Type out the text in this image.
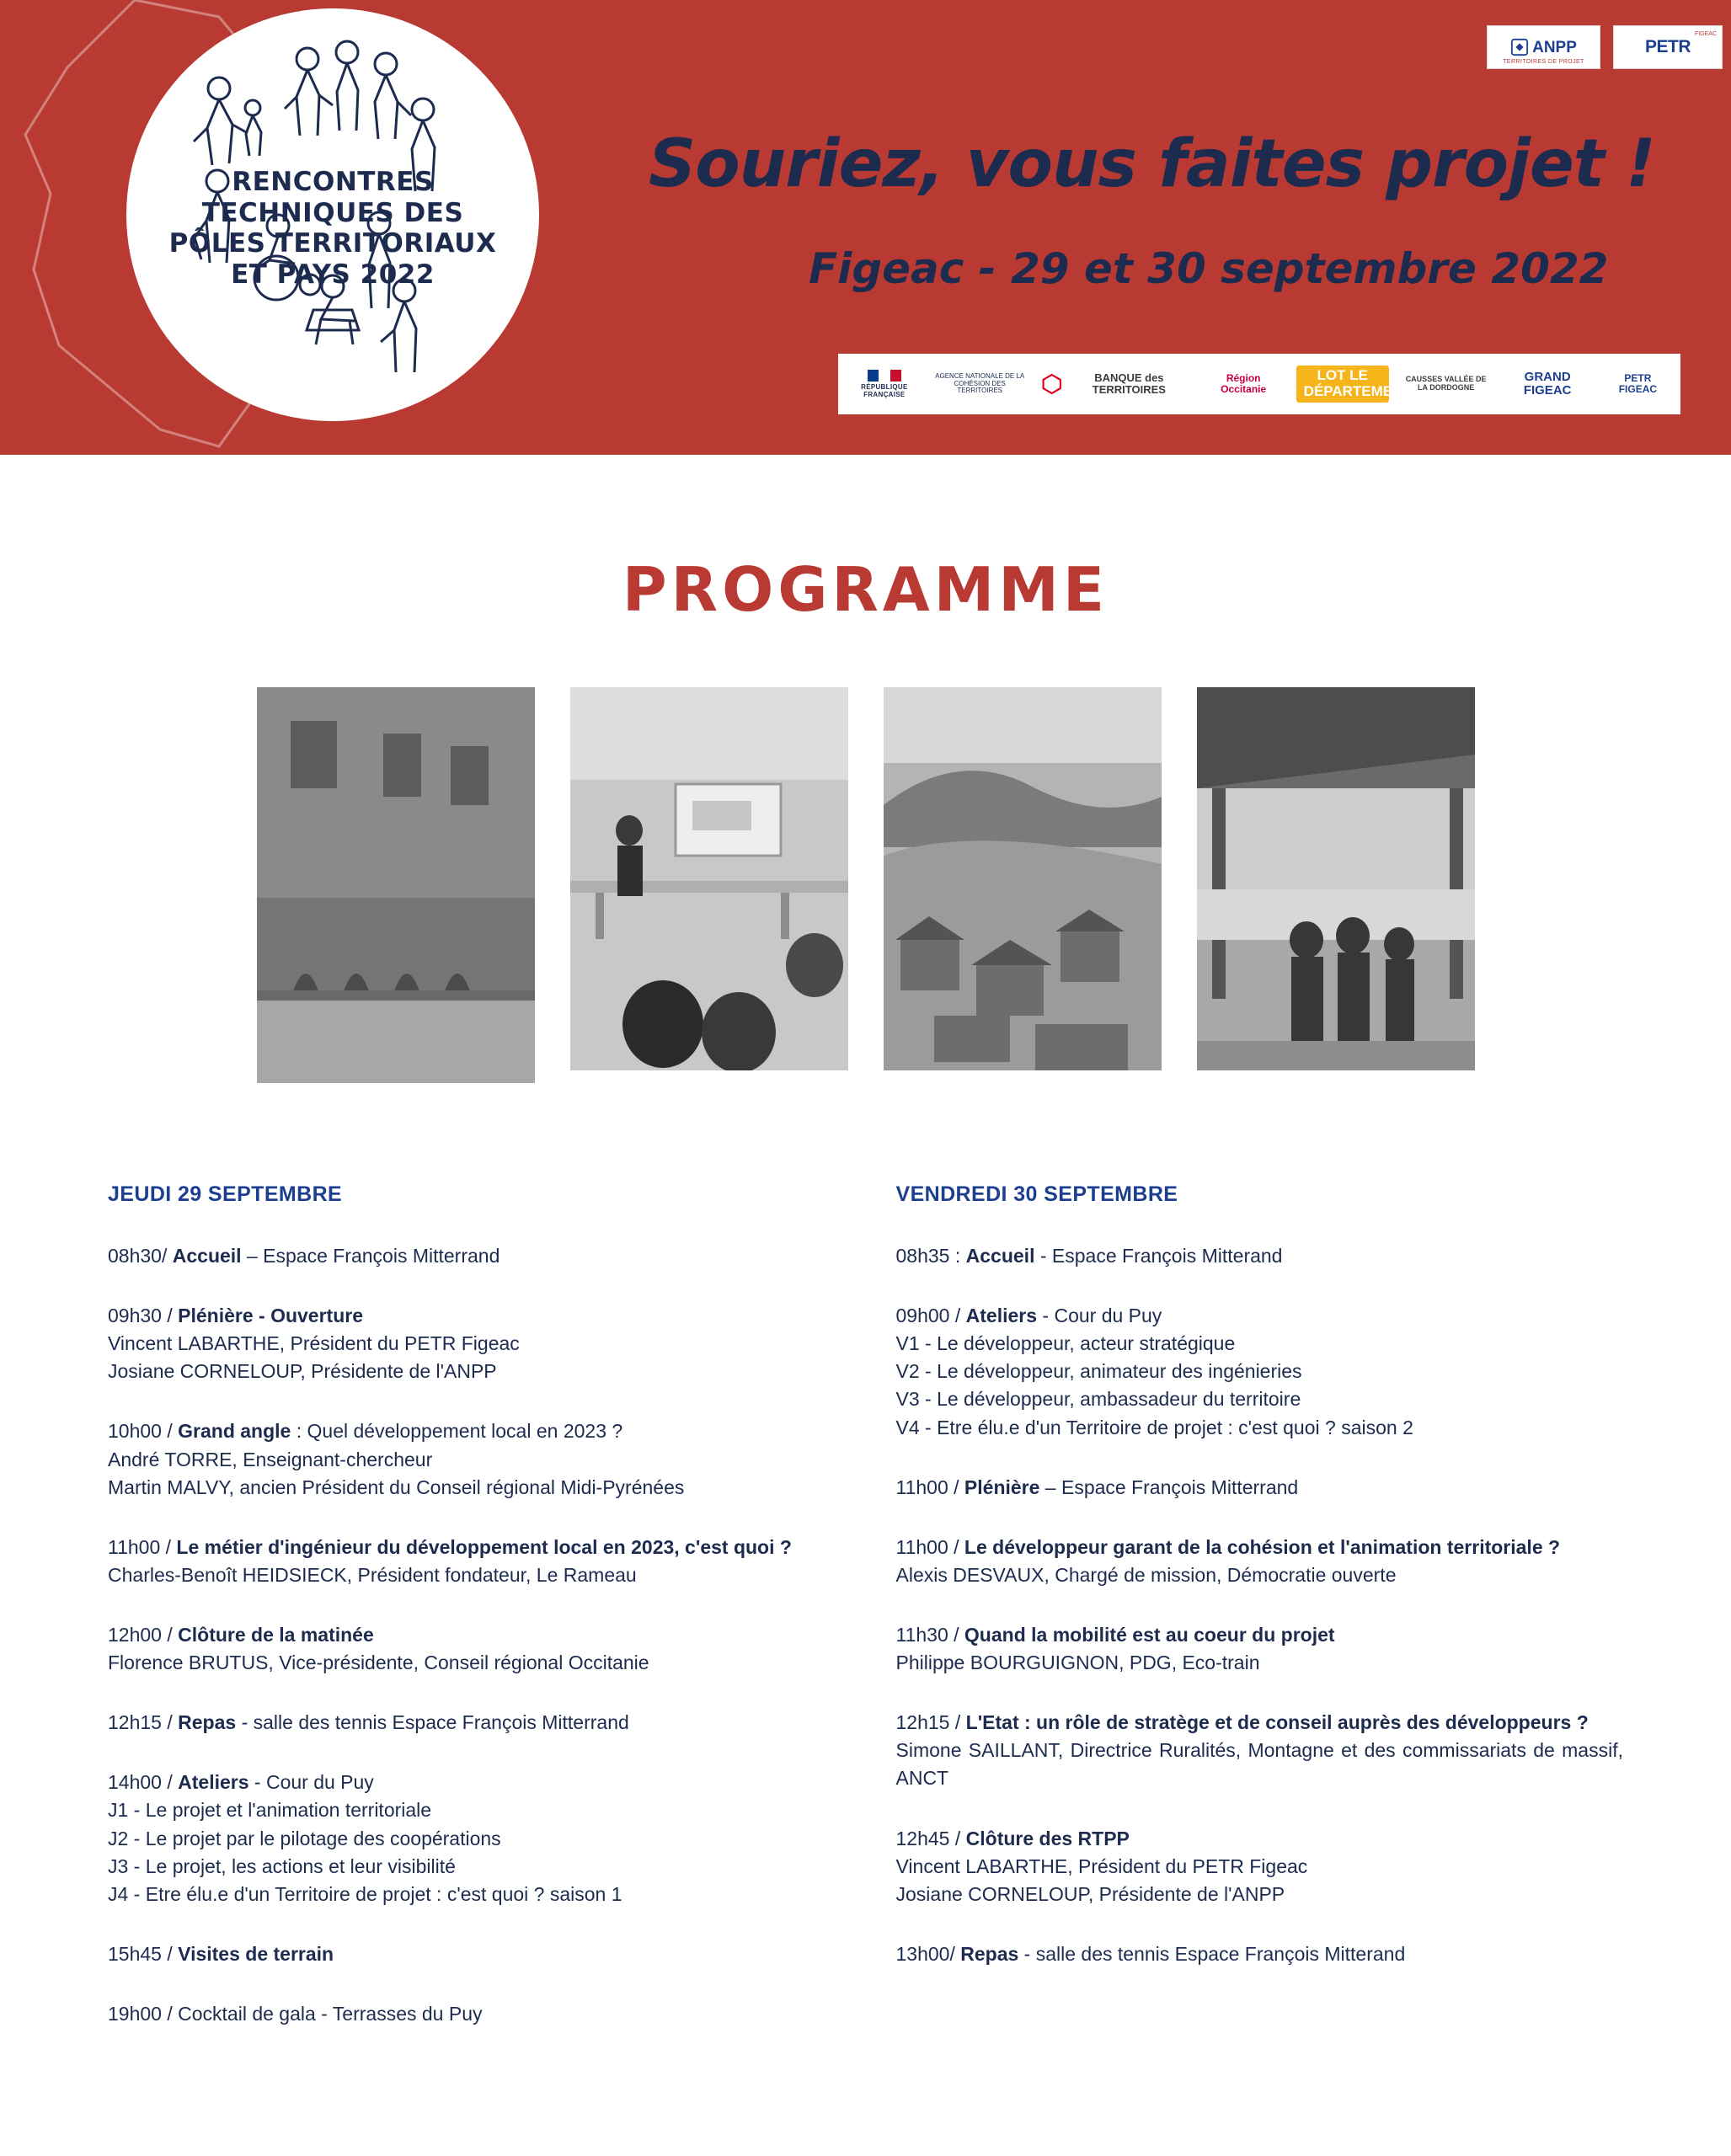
RENCONTRES
TECHNIQUES DES
PÔLES TERRITORIAUX
ET PAYS 2022
Souriez, vous faites projet !
Figeac - 29 et 30 septembre 2022
ANPP
TERRITOIRES DE PROJET
PETR
FIGEAC
RÉPUBLIQUE FRANÇAISE
AGENCE NATIONALE DE LA COHÉSION DES TERRITOIRES
BANQUE des TERRITOIRES
Région Occitanie
LOT LE DÉPARTEMENT
CAUSSES VALLÉE DE LA DORDOGNE
GRAND FIGEAC
PETR FIGEAC
PROGRAMME
JEUDI 29 SEPTEMBRE

08h30/ Accueil – Espace François Mitterrand

09h30 / Plénière - Ouverture

Vincent LABARTHE, Président du PETR Figeac

Josiane CORNELOUP, Présidente de l'ANPP

10h00 / Grand angle : Quel développement local en 2023 ?

André TORRE, Enseignant-chercheur

Martin MALVY, ancien Président du Conseil régional Midi-Pyrénées

11h00 / Le métier d'ingénieur du développement local en 2023, c'est quoi ?

Charles-Benoît HEIDSIECK, Président fondateur, Le Rameau

12h00 / Clôture de la matinée

Florence BRUTUS, Vice-présidente, Conseil régional Occitanie

12h15 / Repas - salle des tennis Espace François Mitterrand

14h00 / Ateliers - Cour du Puy

J1 - Le projet et l'animation territoriale

J2 - Le projet par le pilotage des coopérations

J3 - Le projet, les actions et leur visibilité

J4 - Etre élu.e d'un Territoire de projet : c'est quoi ? saison 1

15h45 / Visites de terrain

19h00 / Cocktail de gala - Terrasses du Puy

VENDREDI 30 SEPTEMBRE

08h35 : Accueil - Espace François Mitterand

09h00 / Ateliers - Cour du Puy

V1 - Le développeur, acteur stratégique

V2 - Le développeur, animateur des ingénieries

V3 - Le développeur, ambassadeur du territoire

V4 - Etre élu.e d'un Territoire de projet : c'est quoi ? saison 2

11h00 / Plénière – Espace François Mitterrand

11h00 / Le développeur garant de la cohésion et l'animation territoriale ?

Alexis DESVAUX, Chargé de mission, Démocratie ouverte

11h30 / Quand la mobilité est au coeur du projet

Philippe BOURGUIGNON, PDG, Eco-train

12h15 / L'Etat : un rôle de stratège et de conseil auprès des développeurs ?

Simone SAILLANT, Directrice Ruralités, Montagne et des commissariats de massif, ANCT

12h45 / Clôture des RTPP

Vincent LABARTHE, Président du PETR Figeac

Josiane CORNELOUP, Présidente de l'ANPP

13h00/ Repas - salle des tennis Espace François Mitterand
